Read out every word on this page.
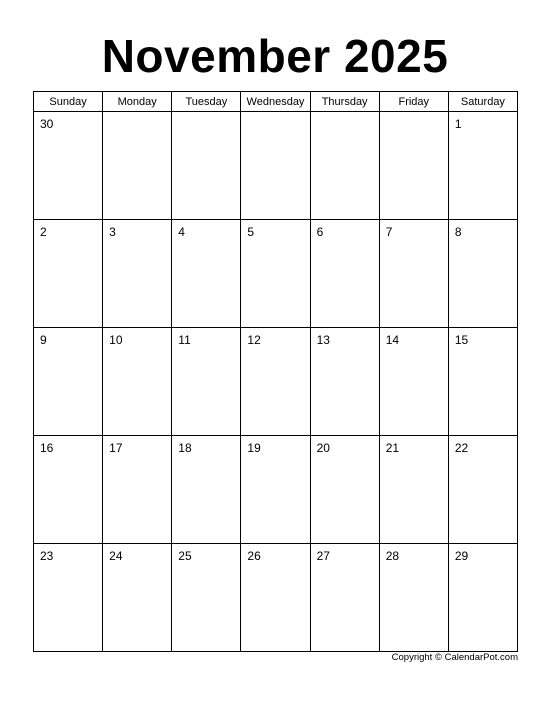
November 2025
Sunday	Monday	Tuesday	Wednesday	Thursday	Friday	Saturday

30						1

2	3	4	5	6	7	8

9	10	11	12	13	14	15

16	17	18	19	20	21	22

23	24	25	26	27	28	29
Copyright © CalendarPot.com
